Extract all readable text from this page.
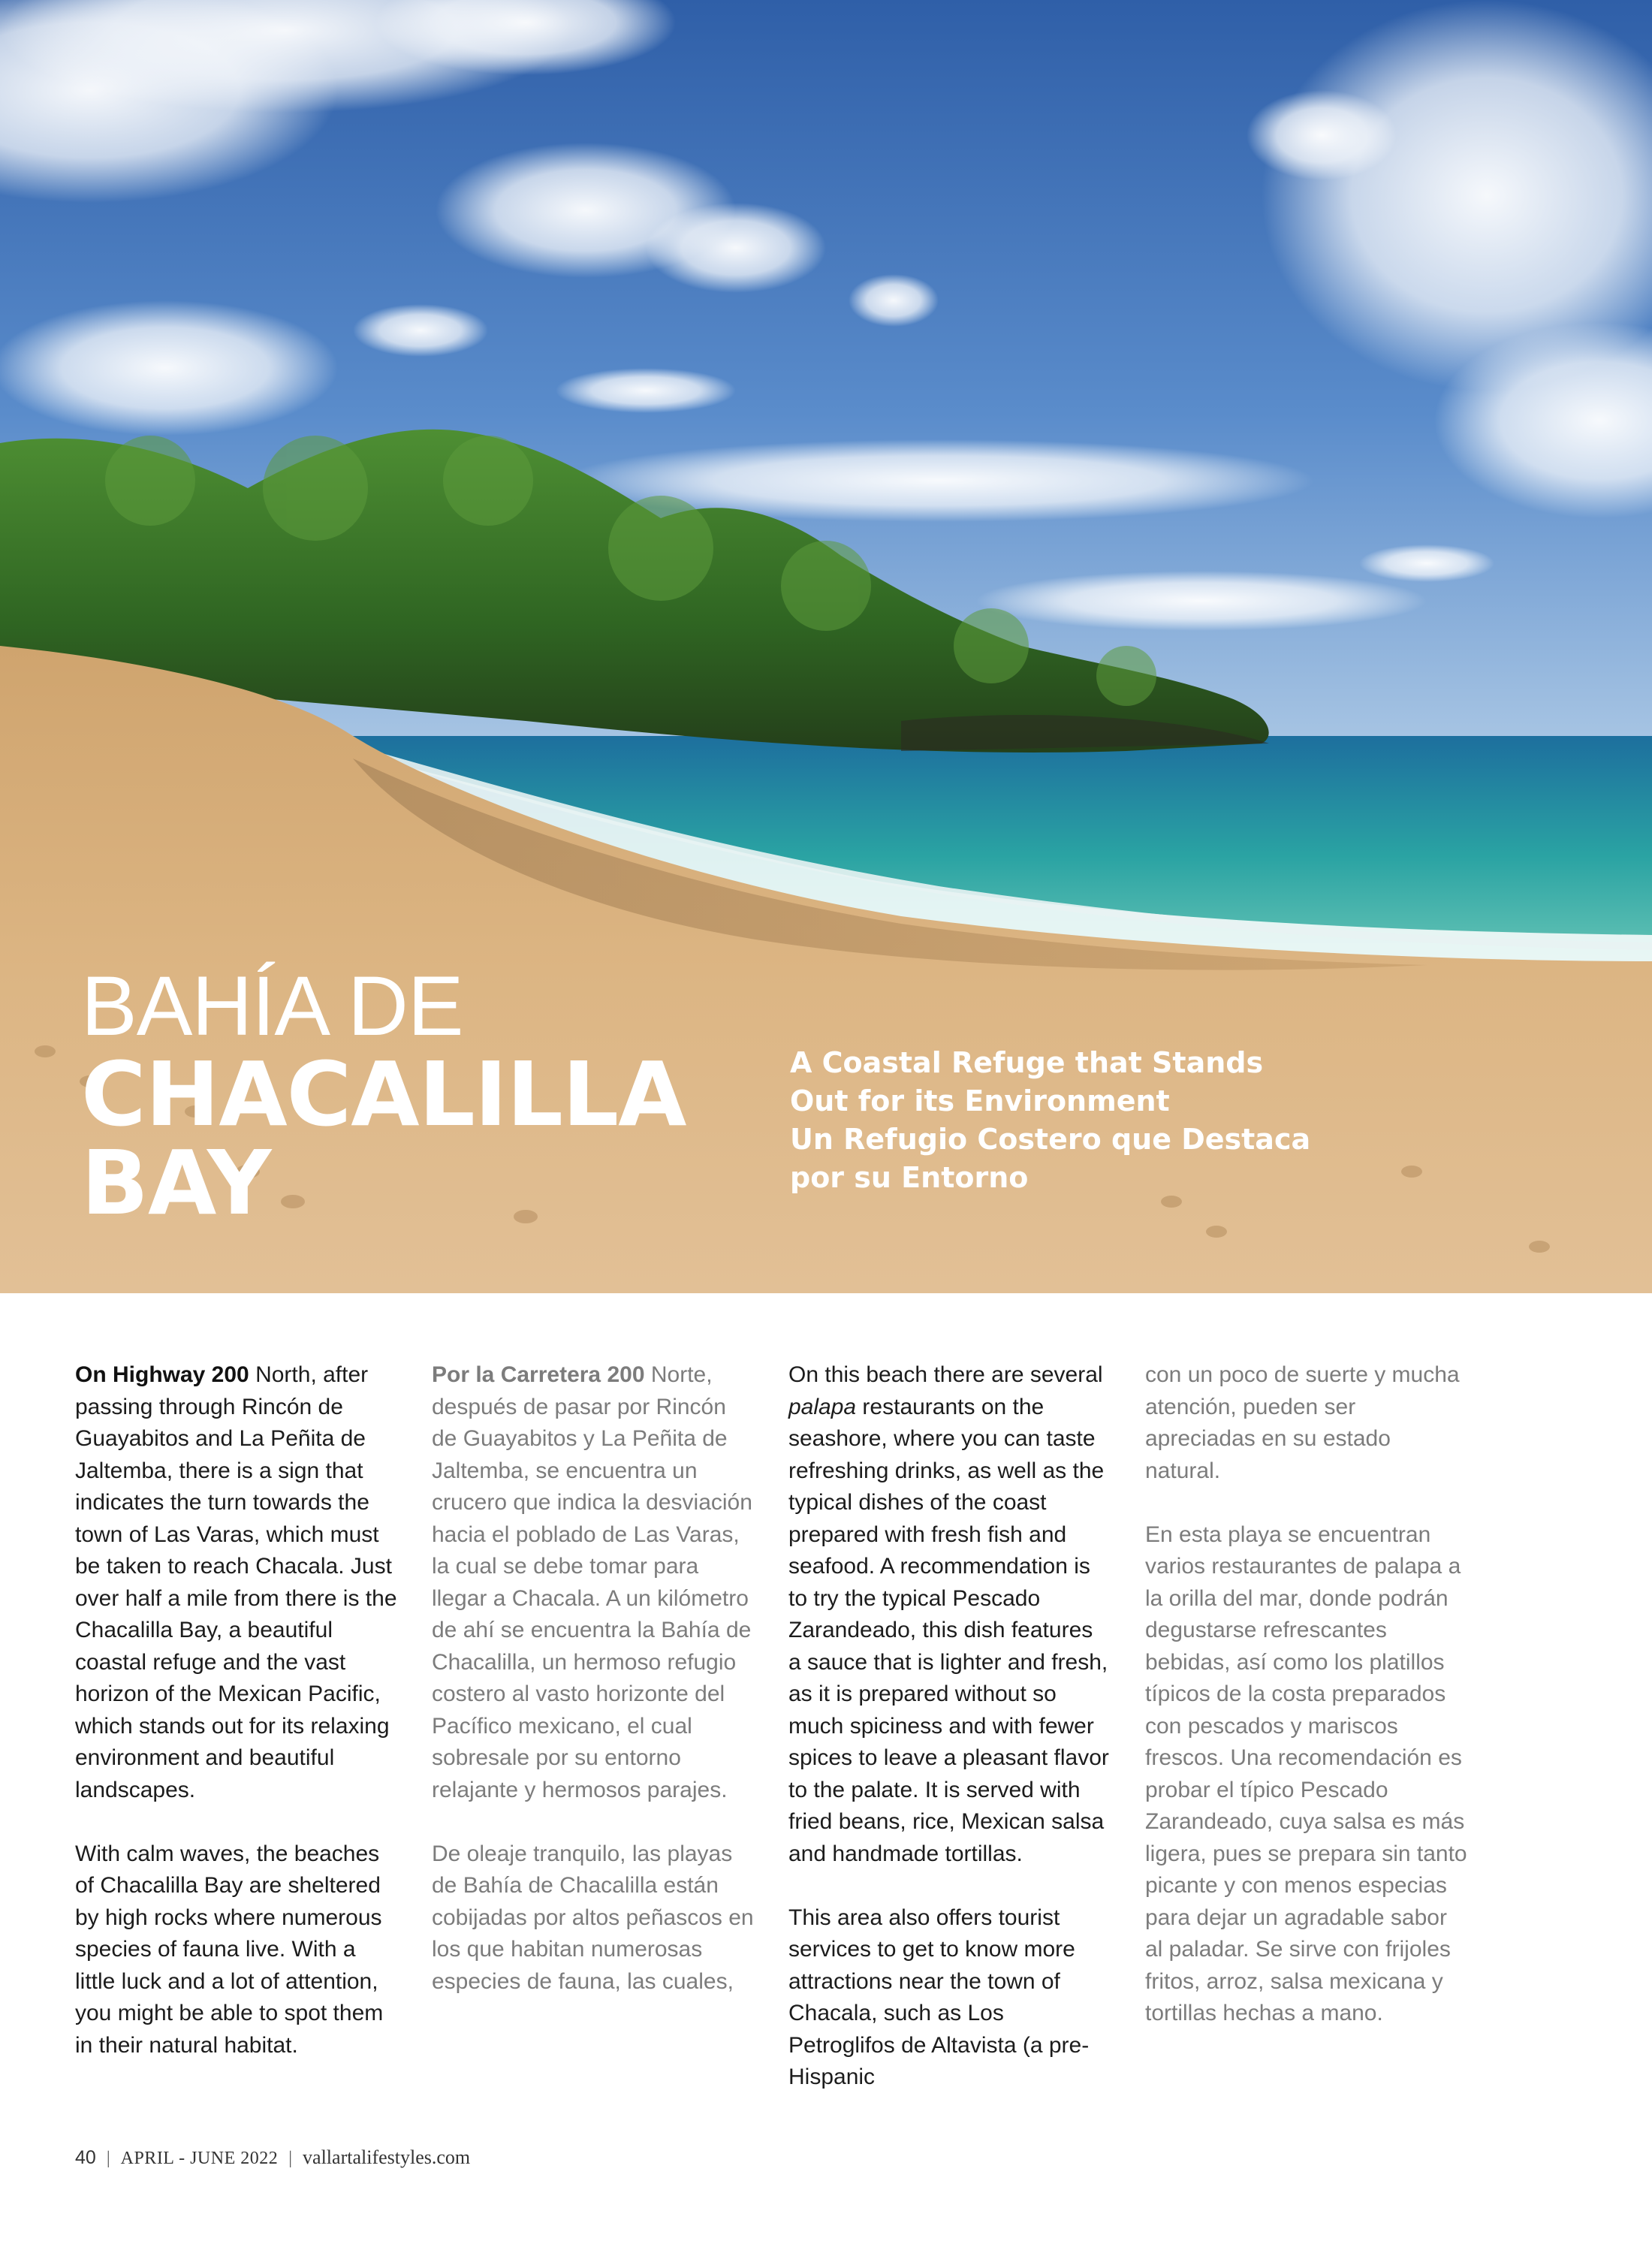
BAHÍA DE
CHACALILLA
BAY
A Coastal Refuge that Stands
Out for its Environment
Un Refugio Costero que Destaca
por su Entorno

On Highway 200 North, after passing through Rincón de Guayabitos and La Peñita de Jaltemba, there is a sign that indicates the turn towards the town of Las Varas, which must be taken to reach Chacala. Just over half a mile from there is the Chacalilla Bay, a beautiful coastal refuge and the vast horizon of the Mexican Pacific, which stands out for its relaxing environment and beautiful landscapes.

With calm waves, the beaches of Chacalilla Bay are sheltered by high rocks where numerous species of fauna live. With a little luck and a lot of attention, you might be able to spot them in their natural habitat.

Por la Carretera 200 Norte, después de pasar por Rincón de Guayabitos y La Peñita de Jaltemba, se encuentra un crucero que indica la desviación hacia el poblado de Las Varas, la cual se debe tomar para llegar a Chacala. A un kilómetro de ahí se encuentra la Bahía de Chacalilla, un hermoso refugio costero al vasto horizonte del Pacífico mexicano, el cual sobresale por su entorno relajante y hermosos parajes.

De oleaje tranquilo, las playas de Bahía de Chacalilla están cobijadas por altos peñascos en los que habitan numerosas especies de fauna, las cuales,

On this beach there are several palapa restaurants on the seashore, where you can taste refreshing drinks, as well as the typical dishes of the coast prepared with fresh fish and seafood. A recommendation is to try the typical Pescado Zarandeado, this dish features a sauce that is lighter and fresh, as it is prepared without so much spiciness and with fewer spices to leave a pleasant flavor to the palate. It is served with fried beans, rice, Mexican salsa and handmade tortillas.

This area also offers tourist services to get to know more attractions near the town of Chacala, such as Los Petroglifos de Altavista (a pre-Hispanic

con un poco de suerte y mucha atención, pueden ser apreciadas en su estado natural.

En esta playa se encuentran varios restaurantes de palapa a la orilla del mar, donde podrán degustarse refrescantes bebidas, así como los platillos típicos de la costa preparados con pescados y mariscos frescos. Una recomendación es probar el típico Pescado Zarandeado, cuya salsa es más ligera, pues se prepara sin tanto picante y con menos especias para dejar un agradable sabor al paladar. Se sirve con frijoles fritos, arroz, salsa mexicana y tortillas hechas a mano.

40 | APRIL - JUNE 2022 | vallartalifestyles.com
